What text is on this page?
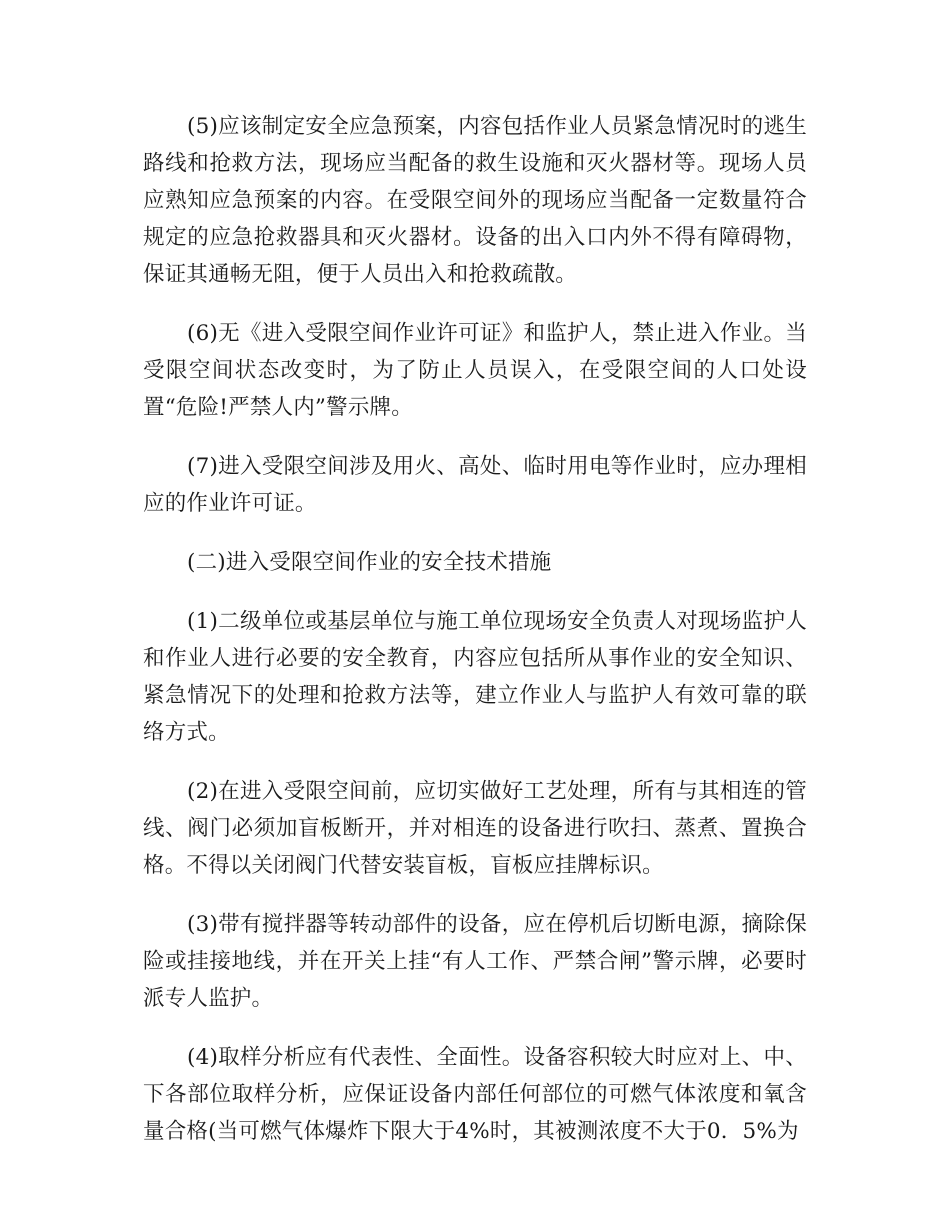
(5)应该制定安全应急预案，内容包括作业人员紧急情况时的逃生路线和抢救方法，现场应当配备的救生设施和灭火器材等。现场人员应熟知应急预案的内容。在受限空间外的现场应当配备一定数量符合规定的应急抢救器具和灭火器材。设备的出入口内外不得有障碍物，保证其通畅无阻，便于人员出入和抢救疏散。

(6)无《进入受限空间作业许可证》和监护人，禁止进入作业。当受限空间状态改变时，为了防止人员误入，在受限空间的人口处设置“危险!严禁人内”警示牌。

(7)进入受限空间涉及用火、高处、临时用电等作业时，应办理相应的作业许可证。

(二)进入受限空间作业的安全技术措施

(1)二级单位或基层单位与施工单位现场安全负责人对现场监护人和作业人进行必要的安全教育，内容应包括所从事作业的安全知识、紧急情况下的处理和抢救方法等，建立作业人与监护人有效可靠的联络方式。

(2)在进入受限空间前，应切实做好工艺处理，所有与其相连的管线、阀门必须加盲板断开，并对相连的设备进行吹扫、蒸煮、置换合格。不得以关闭阀门代替安装盲板，盲板应挂牌标识。

(3)带有搅拌器等转动部件的设备，应在停机后切断电源，摘除保险或挂接地线，并在开关上挂“有人工作、严禁合闸”警示牌，必要时派专人监护。

(4)取样分析应有代表性、全面性。设备容积较大时应对上、中、下各部位取样分析，应保证设备内部任何部位的可燃气体浓度和氧含量合格(当可燃气体爆炸下限大于4%时，其被测浓度不大于0．5%为
